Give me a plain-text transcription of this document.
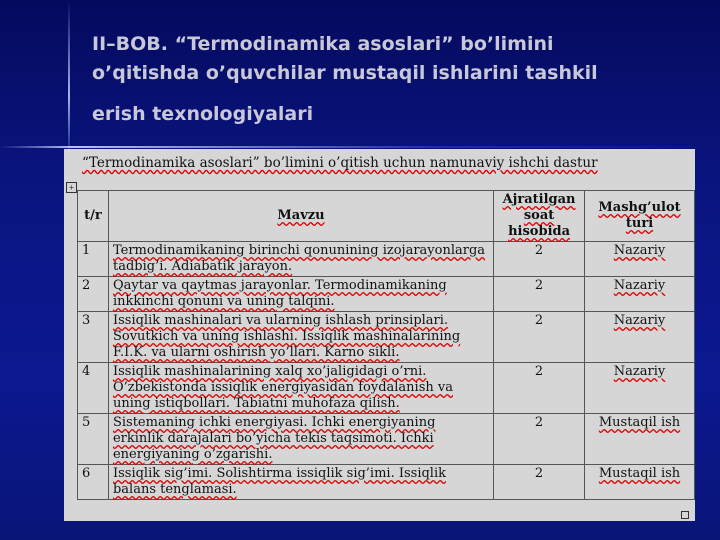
II–BOB. “Termodinamika asoslari” bo’limini
o’qitishda o’quvchilar mustaqil ishlarini tashkil
erish texnologiyalari
“Termodinamika asoslari” bo’limini o’qitish uchun namunaviy ishchi dastur
+
t/r	Mavzu	Ajratilgan soat hisobida	Mashg’ulot turi
1	Termodinamikaning birinchi qonunining izojarayonlarga tadbig’i. Adiabatik jarayon.	2	Nazariy
2	Qaytar va qaytmas jarayonlar. Termodinamikaning inkkinchi qonuni va uning talqini.	2	Nazariy
3	Issiqlik mashinalari va ularning ishlash prinsiplari. Sovutkich va uning ishlashi. Issiqlik mashinalarining F.I.K. va ularni oshirish yo’llari. Karno sikli.	2	Nazariy
4	Issiqlik mashinalarining xalq xo’jaligidagi o’rni. O’zbekistonda issiqlik energiyasidan foydalanish va uning istiqbollari. Tabiatni muhofaza qilish.	2	Nazariy
5	Sistemaning ichki energiyasi. Ichki energiyaning erkinlik darajalari bo’yicha tekis taqsimoti. Ichki energiyaning o’zgarishi.	2	Mustaqil ish
6	Issiqlik sig’imi. Solishtirma issiqlik sig’imi. Issiqlik balans tenglamasi.	2	Mustaqil ish
